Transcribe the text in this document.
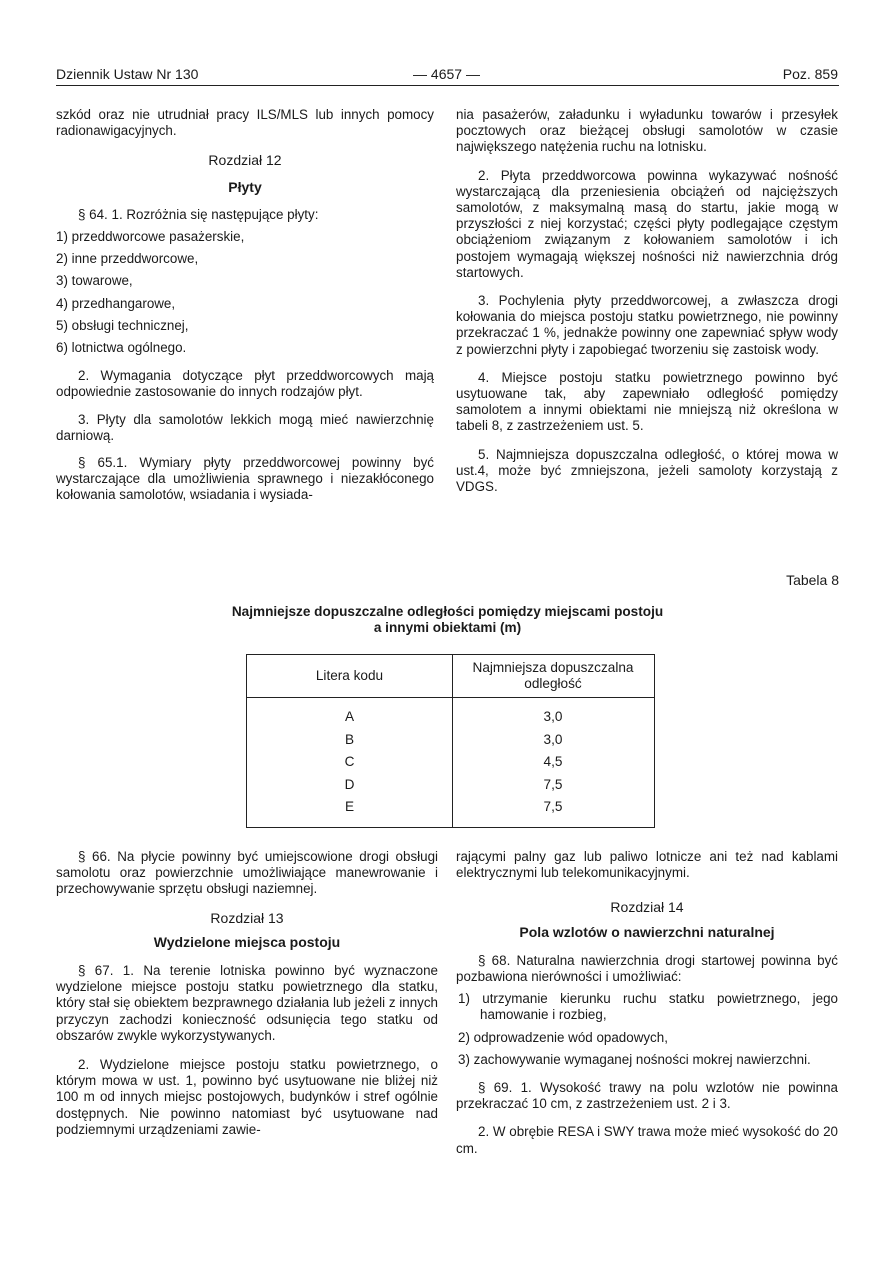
Dziennik Ustaw Nr 130	— 4657 —	Poz. 859

szkód oraz nie utrudniał pracy ILS/MLS lub innych pomocy radionawigacyjnych.

Rozdział 12

Płyty

§ 64. 1. Rozróżnia się następujące płyty:

1) przeddworcowe pasażerskie,

2) inne przeddworcowe,

3) towarowe,

4) przedhangarowe,

5) obsługi technicznej,

6) lotnictwa ogólnego.

2. Wymagania dotyczące płyt przeddworcowych mają odpowiednie zastosowanie do innych rodzajów płyt.

3. Płyty dla samolotów lekkich mogą mieć nawierzchnię darniową.

§ 65.1. Wymiary płyty przeddworcowej powinny być wystarczające dla umożliwienia sprawnego i niezakłóconego kołowania samolotów, wsiadania i wysiada-

nia pasażerów, załadunku i wyładunku towarów i przesyłek pocztowych oraz bieżącej obsługi samolotów w czasie największego natężenia ruchu na lotnisku.

2. Płyta przeddworcowa powinna wykazywać nośność wystarczającą dla przeniesienia obciążeń od najcięższych samolotów, z maksymalną masą do startu, jakie mogą w przyszłości z niej korzystać; części płyty podlegające częstym obciążeniom związanym z kołowaniem samolotów i ich postojem wymagają większej nośności niż nawierzchnia dróg startowych.

3. Pochylenia płyty przeddworcowej, a zwłaszcza drogi kołowania do miejsca postoju statku powietrznego, nie powinny przekraczać 1 %, jednakże powinny one zapewniać spływ wody z powierzchni płyty i zapobiegać tworzeniu się zastoisk wody.

4. Miejsce postoju statku powietrznego powinno być usytuowane tak, aby zapewniało odległość pomiędzy samolotem a innymi obiektami nie mniejszą niż określona w tabeli 8, z zastrzeżeniem ust. 5.

5. Najmniejsza dopuszczalna odległość, o której mowa w ust.4, może być zmniejszona, jeżeli samoloty korzystają z VDGS.

Tabela 8
Najmniejsze dopuszczalne odległości pomiędzy miejscami postoju
a innymi obiektami (m)
Litera kodu
Najmniejsza dopuszczalna
odległość
A	3,0
B	3,0
C	4,5
D	7,5
E	7,5

§ 66. Na płycie powinny być umiejscowione drogi obsługi samolotu oraz powierzchnie umożliwiające manewrowanie i przechowywanie sprzętu obsługi naziemnej.

Rozdział 13

Wydzielone miejsca postoju

§ 67. 1. Na terenie lotniska powinno być wyznaczone wydzielone miejsce postoju statku powietrznego dla statku, który stał się obiektem bezprawnego działania lub jeżeli z innych przyczyn zachodzi konieczność odsunięcia tego statku od obszarów zwykle wykorzystywanych.

2. Wydzielone miejsce postoju statku powietrznego, o którym mowa w ust. 1, powinno być usytuowane nie bliżej niż 100 m od innych miejsc postojowych, budynków i stref ogólnie dostępnych. Nie powinno natomiast być usytuowane nad podziemnymi urządzeniami zawie-

rającymi palny gaz lub paliwo lotnicze ani też nad kablami elektrycznymi lub telekomunikacyjnymi.

Rozdział 14

Pola wzlotów o nawierzchni naturalnej

§ 68. Naturalna nawierzchnia drogi startowej powinna być pozbawiona nierówności i umożliwiać:

1) utrzymanie kierunku ruchu statku powietrznego, jego hamowanie i rozbieg,

2) odprowadzenie wód opadowych,

3) zachowywanie wymaganej nośności mokrej nawierzchni.

§ 69. 1. Wysokość trawy na polu wzlotów nie powinna przekraczać 10 cm, z zastrzeżeniem ust. 2 i 3.

2. W obrębie RESA i SWY trawa może mieć wysokość do 20 cm.
